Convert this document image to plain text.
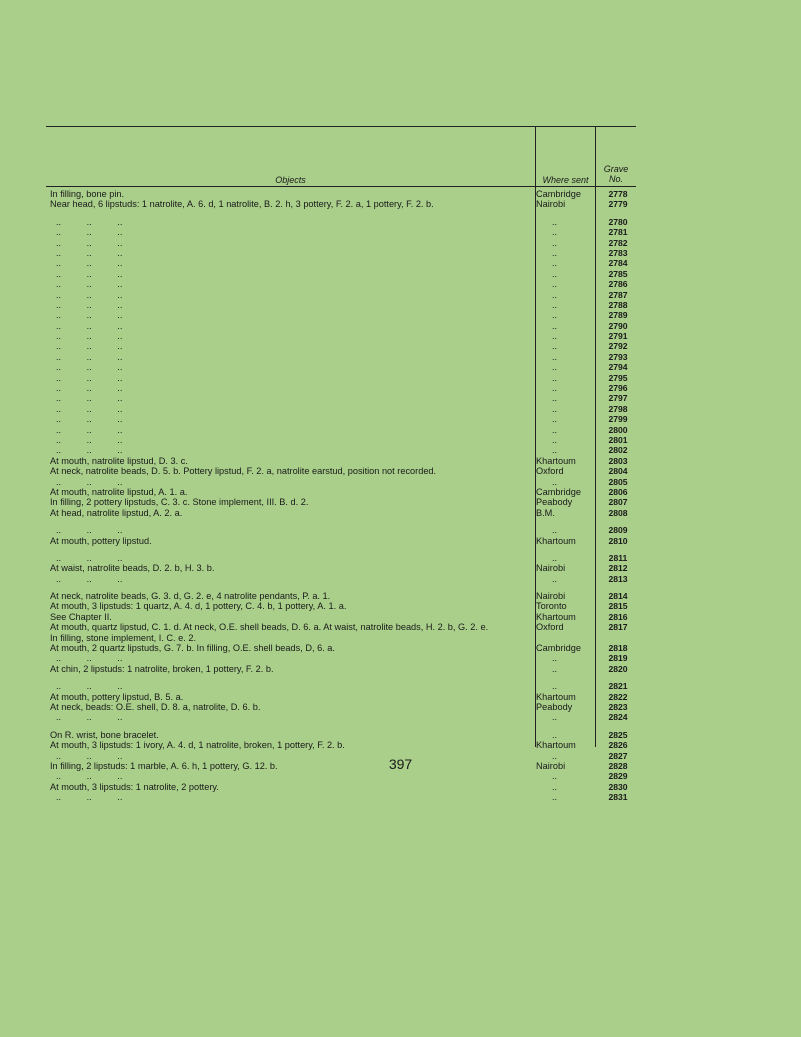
Objects	Where sent
Grave
No.
In filling, bone pin.
Near head, 6 lipstuds: 1 natrolite, A. 6. d, 1 natrolite, B. 2. h, 3 pottery, F. 2. a, 1 pottery, F. 2. b.
..          ..          ..
..          ..          ..
..          ..          ..
..          ..          ..
..          ..          ..
..          ..          ..
..          ..          ..
..          ..          ..
..          ..          ..
..          ..          ..
..          ..          ..
..          ..          ..
..          ..          ..
..          ..          ..
..          ..          ..
..          ..          ..
..          ..          ..
..          ..          ..
..          ..          ..
..          ..          ..
..          ..          ..
..          ..          ..
..          ..          ..
At mouth, natrolite lipstud, D. 3. c.
At neck, natrolite beads, D. 5. b. Pottery lipstud, F. 2. a, natrolite earstud, position not recorded.
..          ..          ..
At mouth, natrolite lipstud, A. 1. a.
In filling, 2 pottery lipstuds, C. 3. c. Stone implement, III. B. d. 2.
At head, natrolite lipstud, A. 2. a.
..          ..          ..
At mouth, pottery lipstud.
..          ..          ..
At waist, natrolite beads, D. 2. b, H. 3. b.
..          ..          ..
At neck, natrolite beads, G. 3. d, G. 2. e, 4 natrolite pendants, P. a. 1.
At mouth, 3 lipstuds: 1 quartz, A. 4. d, 1 pottery, C. 4. b, 1 pottery, A. 1. a.
See Chapter II.
At mouth, quartz lipstud, C. 1. d. At neck, O.E. shell beads, D. 6. a. At waist, natrolite beads, H. 2. b, G. 2. e.
In filling, stone implement, I. C. e. 2.
At mouth, 2 quartz lipstuds, G. 7. b. In filling, O.E. shell beads, D, 6. a.
..          ..          ..
At chin, 2 lipstuds: 1 natrolite, broken, 1 pottery, F. 2. b.
..          ..          ..
At mouth, pottery lipstud, B. 5. a.
At neck, beads: O.E. shell, D. 8. a, natrolite, D. 6. b.
..          ..          ..
On R. wrist, bone bracelet.
At mouth, 3 lipstuds: 1 ivory, A. 4. d, 1 natrolite, broken, 1 pottery, F. 2. b.
..          ..          ..
In filling, 2 lipstuds: 1 marble, A. 6. h, 1 pottery, G. 12. b.
..          ..          ..
At mouth, 3 lipstuds: 1 natrolite, 2 pottery.
..          ..          ..
Cambridge
Nairobi
..
..
..
..
..
..
..
..
..
..
..
..
..
..
..
..
..
..
..
..
..
..
..
Khartoum
Oxford
..
Cambridge
Peabody
B.M.
..
Khartoum
..
Nairobi
..
Nairobi
Toronto
Khartoum
Oxford
Cambridge
..
..
..
Khartoum
Peabody
..
..
Khartoum
..
Nairobi
..
..
..
2778
2779
2780
2781
2782
2783
2784
2785
2786
2787
2788
2789
2790
2791
2792
2793
2794
2795
2796
2797
2798
2799
2800
2801
2802
2803
2804
2805
2806
2807
2808
2809
2810
2811
2812
2813
2814
2815
2816
2817
2818
2819
2820
2821
2822
2823
2824
2825
2826
2827
2828
2829
2830
2831
397
